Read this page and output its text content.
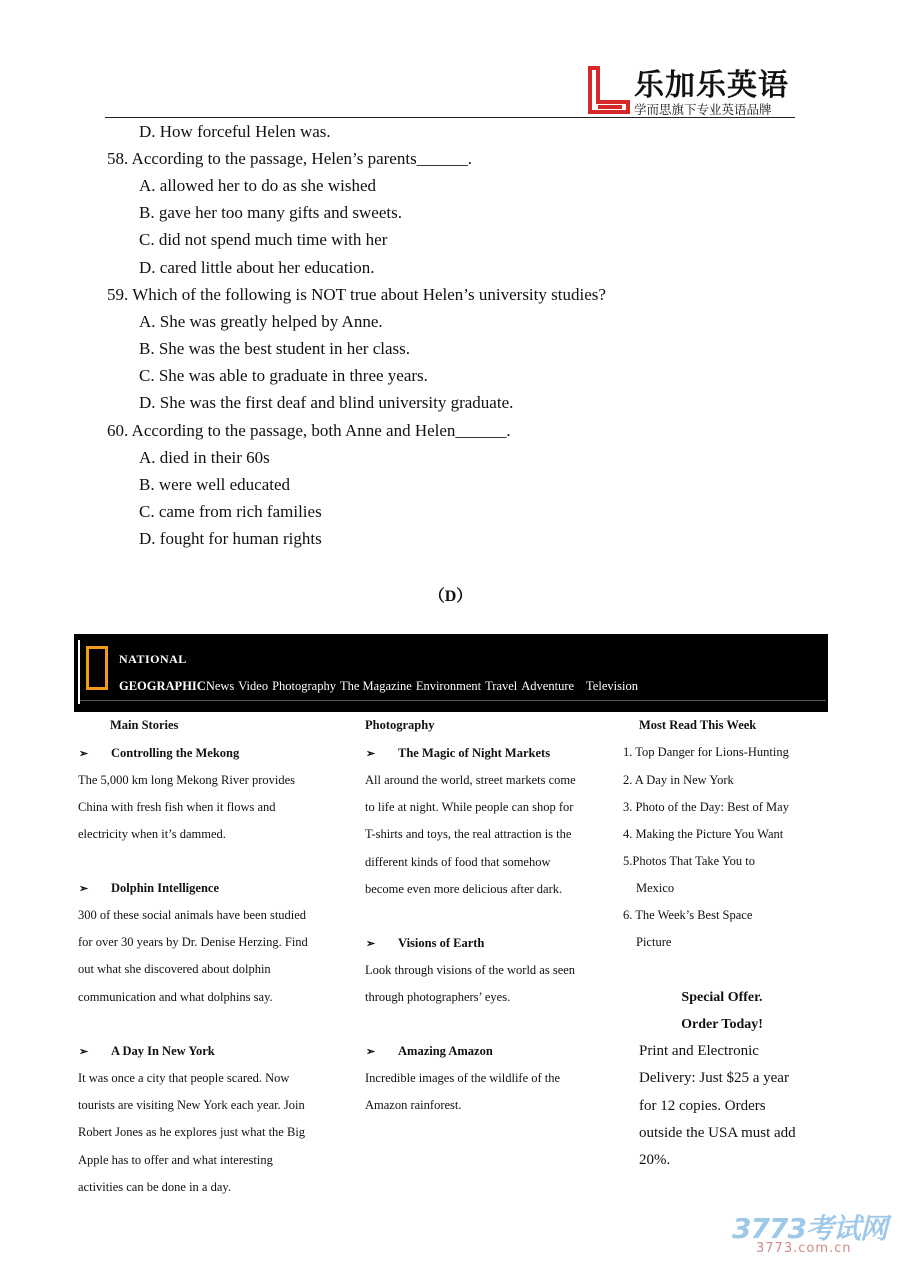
乐加乐英语
学而思旗下专业英语品牌
D. How forceful Helen was.
58. According to the passage, Helen’s parents______.
A. allowed her to do as she wished
B. gave her too many gifts and sweets.
C. did not spend much time with her
D. cared little about her education.
59. Which of the following is NOT true about Helen’s university studies?
A. She was greatly helped by Anne.
B. She was the best student in her class.
C. She was able to graduate in three years.
D. She was the first deaf and blind university graduate.
60. According to the passage, both Anne and Helen______.
A. died in their 60s
B. were well educated
C. came from rich families
D. fought for human rights
（D）
NATIONAL
GEOGRAPHICNews Video Photography The Magazine Environment Travel Adventure Television
Main Stories
➢ Controlling the Mekong
The 5,000 km long Mekong River provides
China with fresh fish when it flows and
electricity when it’s dammed.
➢ Dolphin Intelligence
300 of these social animals have been studied
for over 30 years by Dr. Denise Herzing. Find
out what she discovered about dolphin
communication and what dolphins say.
➢ A Day In New York
It was once a city that people scared. Now
tourists are visiting New York each year. Join
Robert Jones as he explores just what the Big
Apple has to offer and what interesting
activities can be done in a day.
Photography
➢ The Magic of Night Markets
All around the world, street markets come
to life at night. While people can shop for
T-shirts and toys, the real attraction is the
different kinds of food that somehow
become even more delicious after dark.
➢ Visions of Earth
Look through visions of the world as seen
through photographers’ eyes.
➢ Amazing Amazon
Incredible images of the wildlife of the
Amazon rainforest.
Most Read This Week
1. Top Danger for Lions-Hunting
2. A Day in New York
3. Photo of the Day: Best of May
4. Making the Picture You Want
5.Photos That Take You to
Mexico
6. The Week’s Best Space
Picture
Special Offer.
Order Today!
Print and Electronic
Delivery: Just $25 a year
for 12 copies. Orders
outside the USA must add
20%.
3773考试网
3773.com.cn
